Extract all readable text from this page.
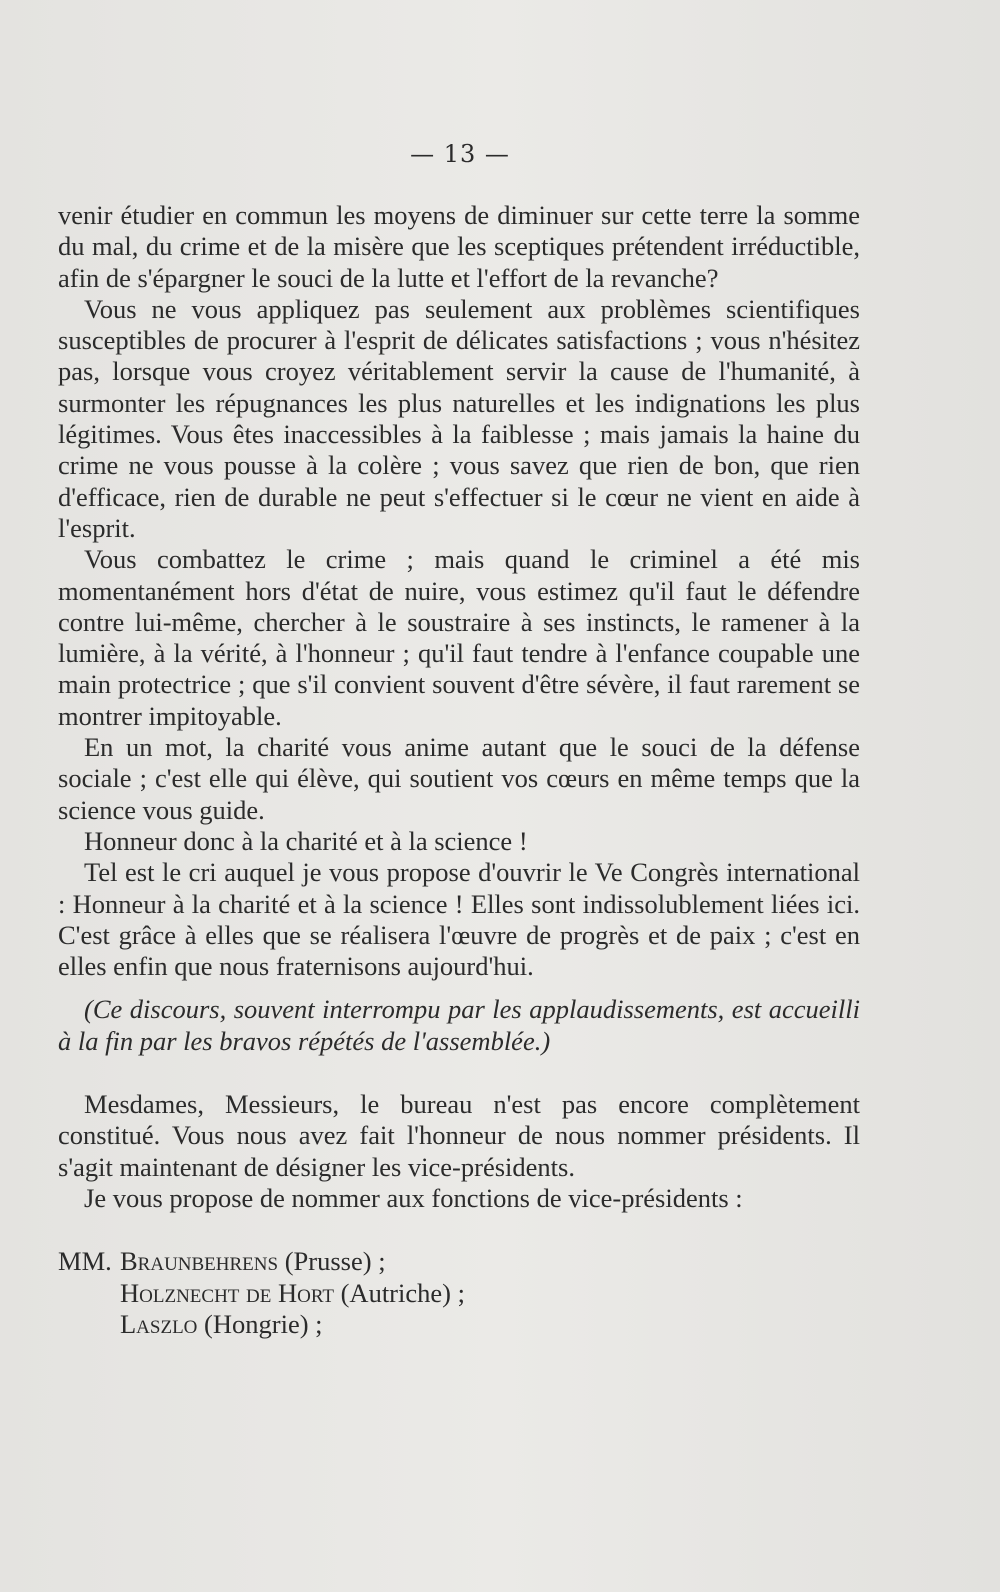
— 13 —

venir étudier en commun les moyens de diminuer sur cette terre la somme du mal, du crime et de la misère que les sceptiques prétendent irréductible, afin de s'épargner le souci de la lutte et l'effort de la revanche?

Vous ne vous appliquez pas seulement aux problèmes scientifiques susceptibles de procurer à l'esprit de délicates satisfactions ; vous n'hésitez pas, lorsque vous croyez véritablement servir la cause de l'humanité, à surmonter les répugnances les plus naturelles et les indignations les plus légitimes. Vous êtes inaccessibles à la faiblesse ; mais jamais la haine du crime ne vous pousse à la colère ; vous savez que rien de bon, que rien d'efficace, rien de durable ne peut s'effectuer si le cœur ne vient en aide à l'esprit.

Vous combattez le crime ; mais quand le criminel a été mis momentanément hors d'état de nuire, vous estimez qu'il faut le défendre contre lui-même, chercher à le soustraire à ses instincts, le ramener à la lumière, à la vérité, à l'honneur ; qu'il faut tendre à l'enfance coupable une main protectrice ; que s'il convient souvent d'être sévère, il faut rarement se montrer impitoyable.

En un mot, la charité vous anime autant que le souci de la défense sociale ; c'est elle qui élève, qui soutient vos cœurs en même temps que la science vous guide.

Honneur donc à la charité et à la science !

Tel est le cri auquel je vous propose d'ouvrir le Ve Congrès international : Honneur à la charité et à la science ! Elles sont indissolublement liées ici. C'est grâce à elles que se réalisera l'œuvre de progrès et de paix ; c'est en elles enfin que nous fraternisons aujourd'hui.

(Ce discours, souvent interrompu par les applaudissements, est accueilli à la fin par les bravos répétés de l'assemblée.)

Mesdames, Messieurs, le bureau n'est pas encore complètement constitué. Vous nous avez fait l'honneur de nous nommer présidents. Il s'agit maintenant de désigner les vice-présidents.

Je vous propose de nommer aux fonctions de vice-présidents :

MM. Braunbehrens (Prusse) ;
Holznecht de Hort (Autriche) ;
Laszlo (Hongrie) ;
